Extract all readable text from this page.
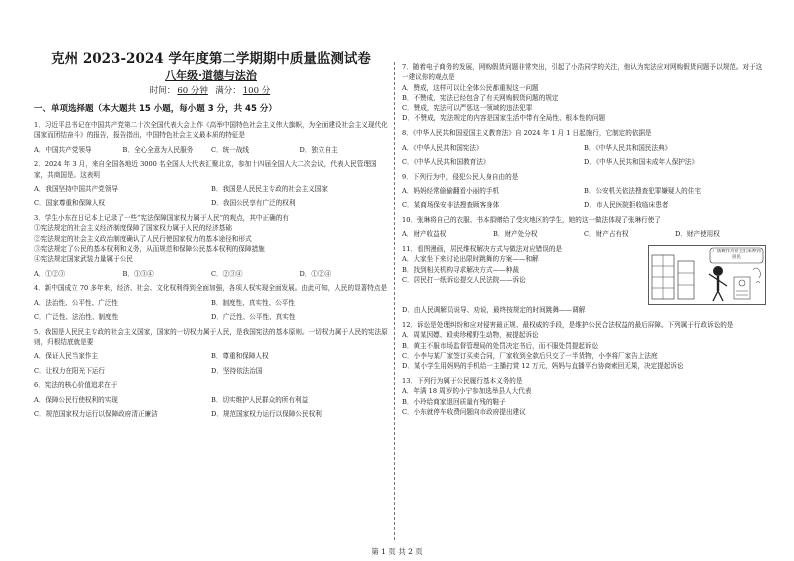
克州 2023-2024 学年度第二学期期中质量监测试卷

八年级·道德与法治

时间： 60 分钟 满分： 100 分

一、单项选择题（本大题共 15 小题，每小题 3 分，共 45 分）

1．习近平总书记在中国共产党第二十次全国代表大会上作《高举中国特色社会主义伟大旗帜，为全面建设社会主义现代化国家而团结奋斗》的报告，报告指出，中国特色社会主义最本质的特征是

A．中国共产党领导	B．全心全意为人民服务	C．统一战线	D．独立自主

2．2024 年 3 月，来自全国各地近 3000 名全国人大代表汇聚北京，参加十四届全国人大二次会议，代表人民管理国家，共商国是。这表明

A．我国坚持中国共产党领导	B．我国是人民民主专政的社会主义国家
C．国家尊重和保障人权	D．我国公民享有广泛的权利

3．学生小东在日记本上记录了一些“宪法保障国家权力属于人民”的观点，其中正确的有

①宪法规定的社会主义经济制度保障了国家权力属于人民的经济基础

②宪法规定的社会主义政治制度确认了人民行使国家权力的基本途径和形式

③宪法规定了公民的基本权利和义务，从而规范和保障公民基本权利的保障措施

④宪法规定国家武装力量属于公民

A．①②③	B．①③④	C．②③④	D．①②④

4．新中国成立 70 多年来，经济、社会、文化权利得到全面加强，各项人权实现全面发展。由此可知，人民的显著特点是

A．法治性、公平性、广泛性	B．制度性、真实性、公平性
C．广泛性、法治性、制度性	D．广泛性、公平性、真实性

5．我国是人民民主专政的社会主义国家，国家的一切权力属于人民，是我国宪法的基本原则。一切权力属于人民的宪法原则，归根结底就是要

A．保证人民当家作主	B．尊重和保障人权
C．让权力在阳光下运行	D．坚持依法治国

6．宪法的核心价值追求在于

A．保障公民行使权利的实现	B．切实维护人民群众的所有利益
C．规范国家权力运行以保障政府清正廉洁	D．规范国家权力运行以保障公民权利

7．随着电子商务的发展，网购假货问题非常突出，引起了小浩同学的关注，他认为宪法应对网购假货问题予以规范。对于这一建议你的观点是

A．赞成，这样可以让全体公民都重视这一问题

B．不赞成，宪法已经包含了有关网购假货问题的规定

C．赞成，宪法可以严惩这一领域的违法犯罪

D．不赞成，宪法规定的内容是国家生活中带有全局性、根本性的问题

8．《中华人民共和国爱国主义教育法》自 2024 年 1 月 1 日起施行，它制定的依据是

A．《中华人民共和国宪法》	B．《中华人民共和国民法典》
C．《中华人民共和国教育法》	D．《中华人民共和国未成年人保护法》

9．下列行为中，侵犯公民人身自由的是

A．妈妈经常偷偷翻看小丽的手机	B．公安机关依法搜查犯罪嫌疑人的住宅
C．某商场保安非法搜查顾客身体	D．市人民医院拒收临床患者

10．张琳将自己的衣服、书本捐赠给了受灾地区的学生，她的这一做法体现了张琳行使了

A．财产收益权	B．财产处分权	C．财产占有权	D．财产使用权

11．看图漫画，居民维权解决方式与做法对应错误的是

A．大家坐下来讨论出限时跳舞的方案——和解

B．找到相关机构寻求解决方式——种裁

C．居民打一纸诉讼提交人民法院——诉讼

广场舞作为业主们来吵到居民

D．由人民调解员说导、劝说，最终按规定的时间跳舞——调解

12．诉讼是处理纠纷和应对侵害最正规、最权威的手段，是维护公民合法权益的最后屏障。下列属于行政诉讼的是

A．周某因嫖、殴卖珍稀野生动物，被提起诉讼

B．黄主不服市场监督管理局的处罚决定书后，而不服处罚提起诉讼

C．小李与某厂家签订买卖合同，厂家收到全款后只交了一半货物，小李将厂家告上法庭

D．某小学生用妈妈的手机给一主播打赏 12 万元，妈妈与直播平台协商索回无果，决定提起诉讼

13．下列行为属于公民履行基本义务的是

A．年满 18 周岁的小宁参加选举县人大代表

B．小玲给商家退回质量有残的鞋子

C．小东就停车收费问题向市政府提出建议

第 1 页 共 2 页
